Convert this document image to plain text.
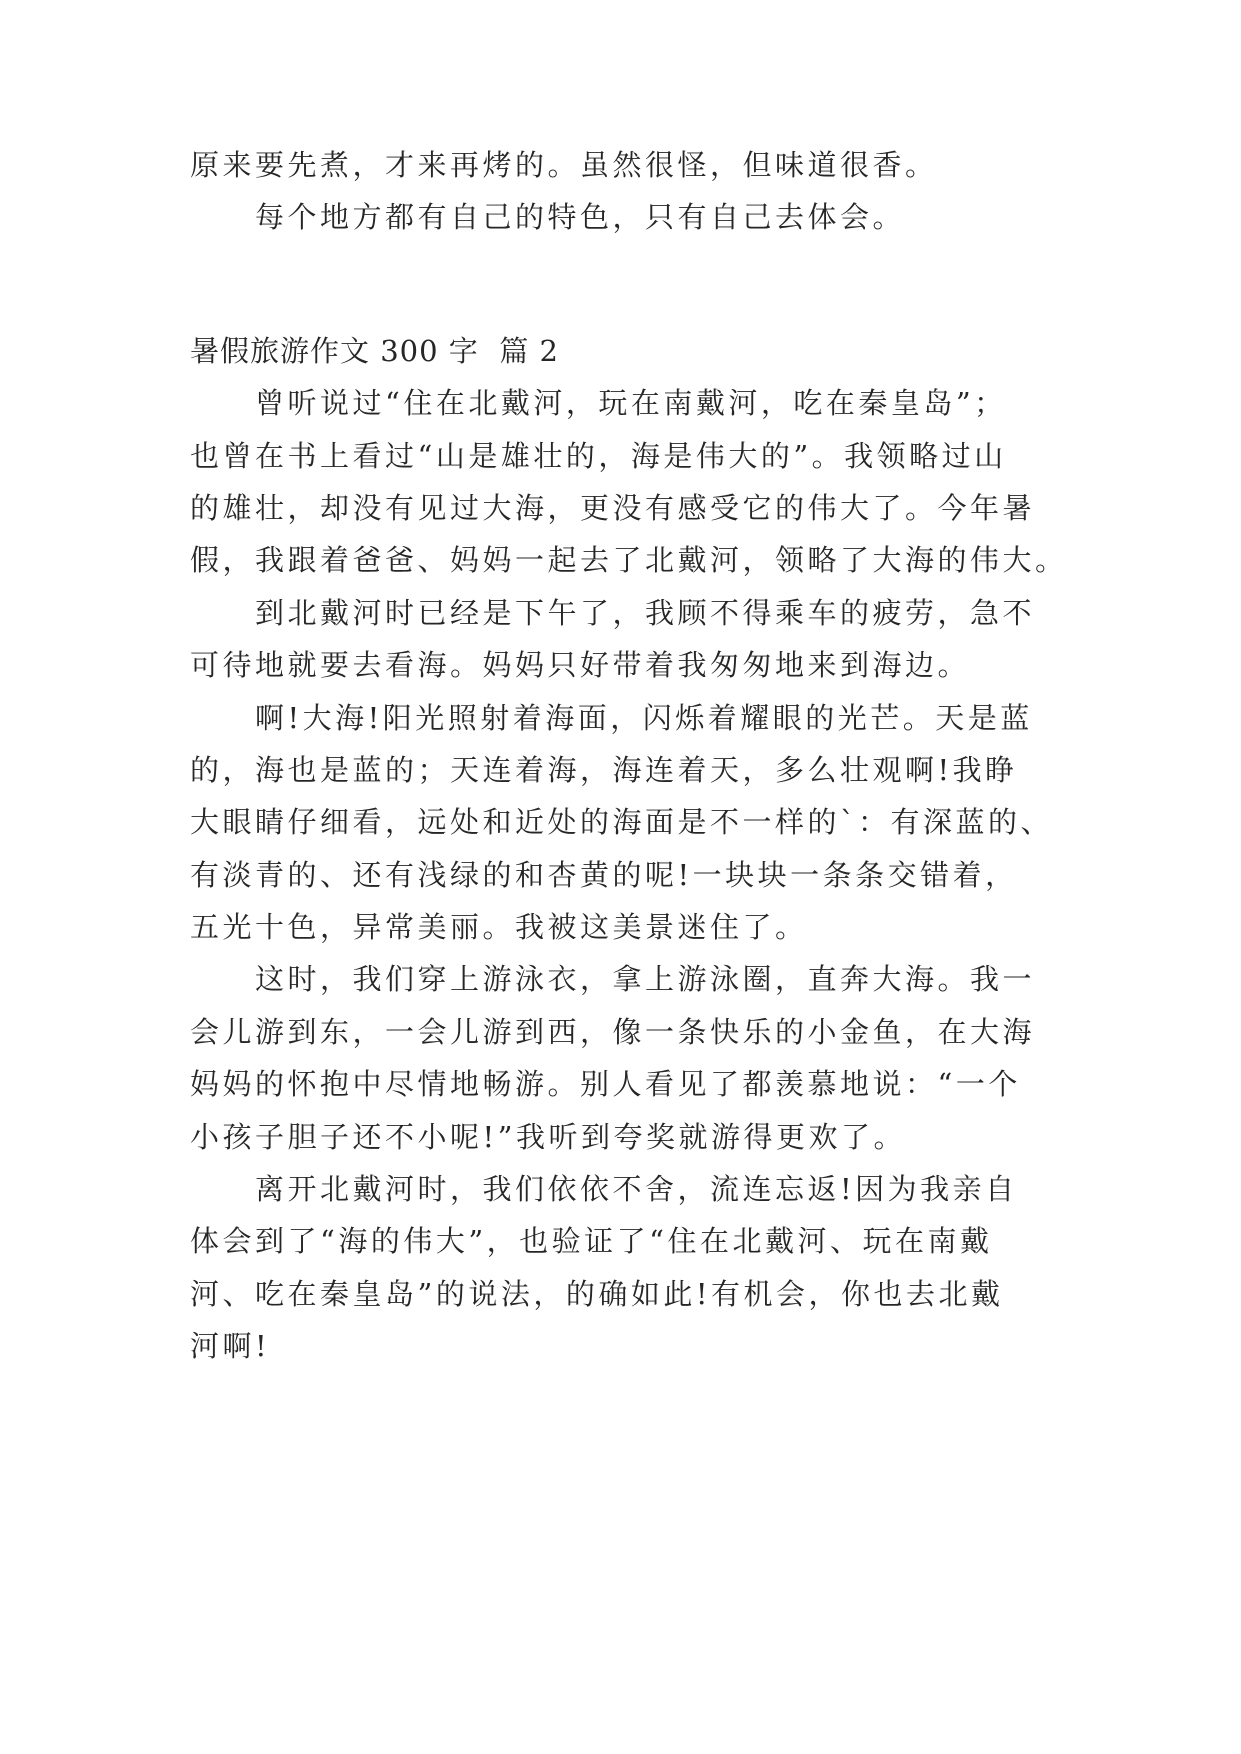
原来要先煮，才来再烤的。虽然很怪，但味道很香。
每个地方都有自己的特色，只有自己去体会。
暑假旅游作文 300 字  篇 2
曾听说过“住在北戴河，玩在南戴河，吃在秦皇岛”；
也曾在书上看过“山是雄壮的，海是伟大的”。我领略过山
的雄壮，却没有见过大海，更没有感受它的伟大了。今年暑
假，我跟着爸爸、妈妈一起去了北戴河，领略了大海的伟大。
到北戴河时已经是下午了，我顾不得乘车的疲劳，急不
可待地就要去看海。妈妈只好带着我匆匆地来到海边。
啊!大海!阳光照射着海面，闪烁着耀眼的光芒。天是蓝
的，海也是蓝的；天连着海，海连着天，多么壮观啊!我睁
大眼睛仔细看，远处和近处的海面是不一样的`：有深蓝的、
有淡青的、还有浅绿的和杏黄的呢!一块块一条条交错着，
五光十色，异常美丽。我被这美景迷住了。
这时，我们穿上游泳衣，拿上游泳圈，直奔大海。我一
会儿游到东，一会儿游到西，像一条快乐的小金鱼，在大海
妈妈的怀抱中尽情地畅游。别人看见了都羡慕地说：“一个
小孩子胆子还不小呢!”我听到夸奖就游得更欢了。
离开北戴河时，我们依依不舍，流连忘返!因为我亲自
体会到了“海的伟大”，也验证了“住在北戴河、玩在南戴
河、吃在秦皇岛”的说法，的确如此!有机会，你也去北戴
河啊!
